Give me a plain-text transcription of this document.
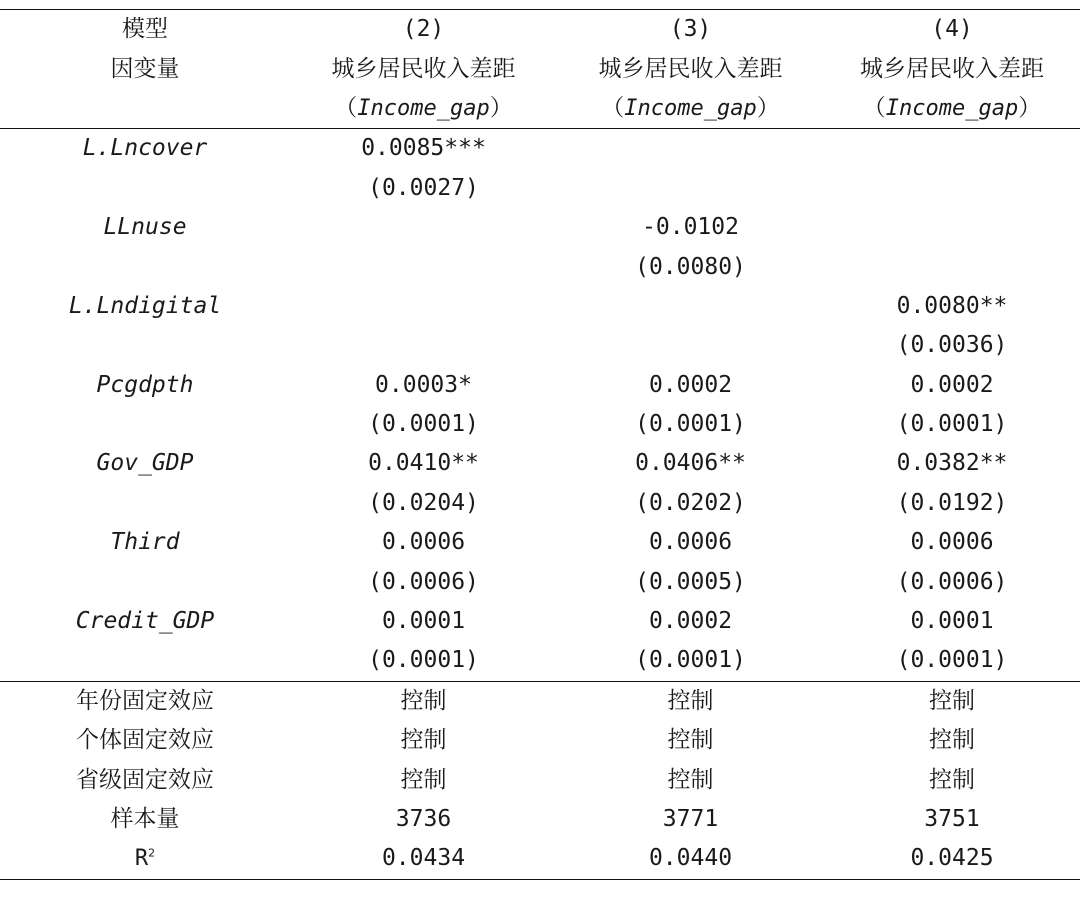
模型	(2)	(3)	(4)
因变量	城乡居民收入差距	城乡居民收入差距	城乡居民收入差距
	（Income_gap）	（Income_gap）	（Income_gap）
L.Lncover	0.0085***		
	(0.0027)		
LLnuse		-0.0102	
		(0.0080)	
L.Lndigital			0.0080**
			(0.0036)
Pcgdpth	0.0003*	0.0002	0.0002
	(0.0001)	(0.0001)	(0.0001)
Gov_GDP	0.0410**	0.0406**	0.0382**
	(0.0204)	(0.0202)	(0.0192)
Third	0.0006	0.0006	0.0006
	(0.0006)	(0.0005)	(0.0006)
Credit_GDP	0.0001	0.0002	0.0001
	(0.0001)	(0.0001)	(0.0001)
年份固定效应	控制	控制	控制
个体固定效应	控制	控制	控制
省级固定效应	控制	控制	控制
样本量	3736	3771	3751
$R^2$	0.0434	0.0440	0.0425
